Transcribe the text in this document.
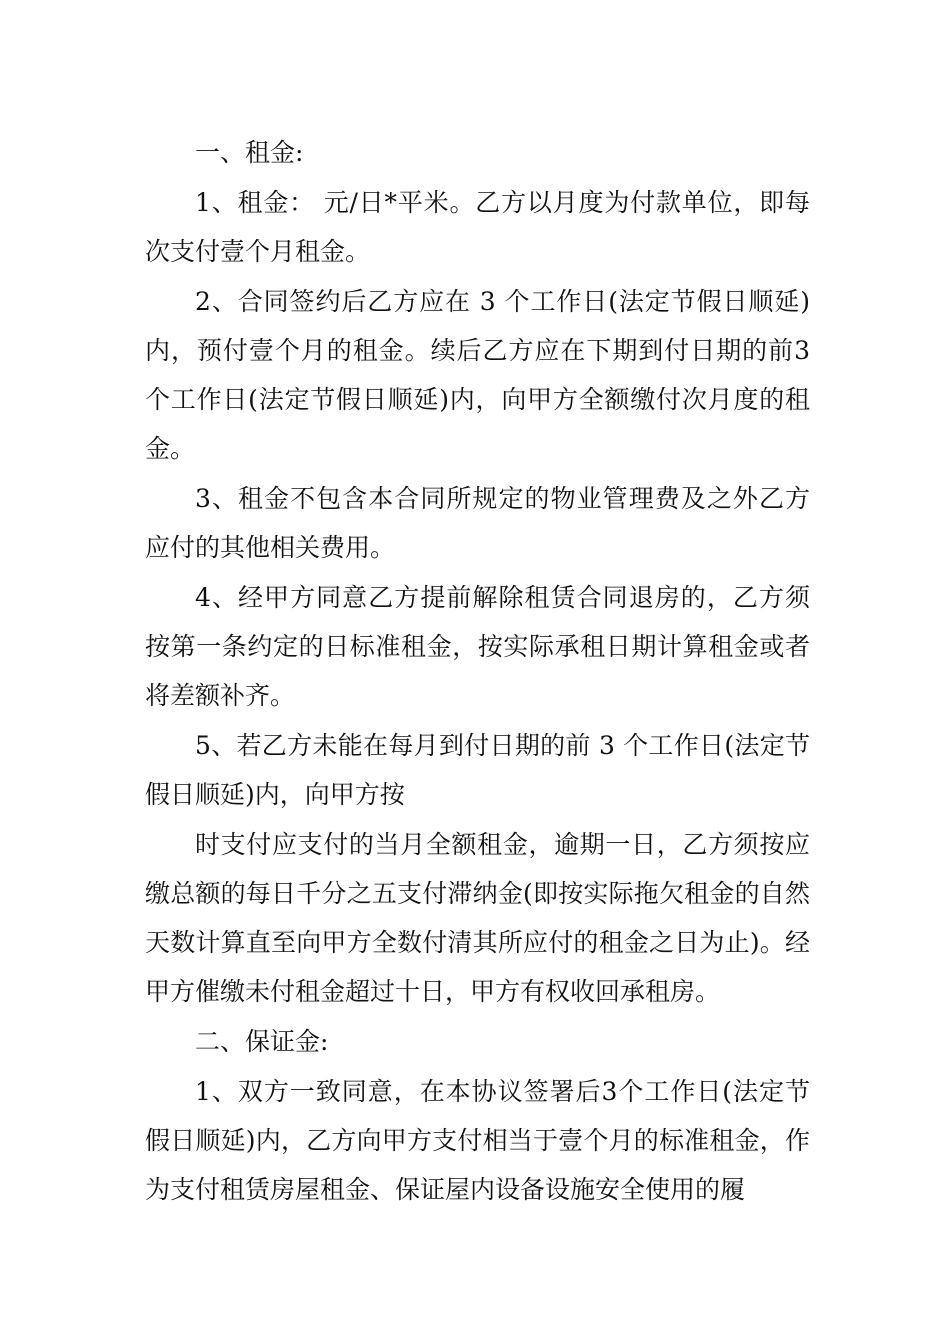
一、租金:

1、租金： 元/日*平米。乙方以月度为付款单位，即每次支付壹个月租金。

2、合同签约后乙方应在 3 个工作日(法定节假日顺延)内，预付壹个月的租金。续后乙方应在下期到付日期的前3个工作日(法定节假日顺延)内，向甲方全额缴付次月度的租金。

3、租金不包含本合同所规定的物业管理费及之外乙方应付的其他相关费用。

4、经甲方同意乙方提前解除租赁合同退房的，乙方须按第一条约定的日标准租金，按实际承租日期计算租金或者将差额补齐。

5、若乙方未能在每月到付日期的前 3 个工作日(法定节假日顺延)内，向甲方按

时支付应支付的当月全额租金，逾期一日，乙方须按应缴总额的每日千分之五支付滞纳金(即按实际拖欠租金的自然天数计算直至向甲方全数付清其所应付的租金之日为止)。经甲方催缴未付租金超过十日，甲方有权收回承租房。

二、保证金:

1、双方一致同意，在本协议签署后3个工作日(法定节假日顺延)内，乙方向甲方支付相当于壹个月的标准租金，作为支付租赁房屋租金、保证屋内设备设施安全使用的履
